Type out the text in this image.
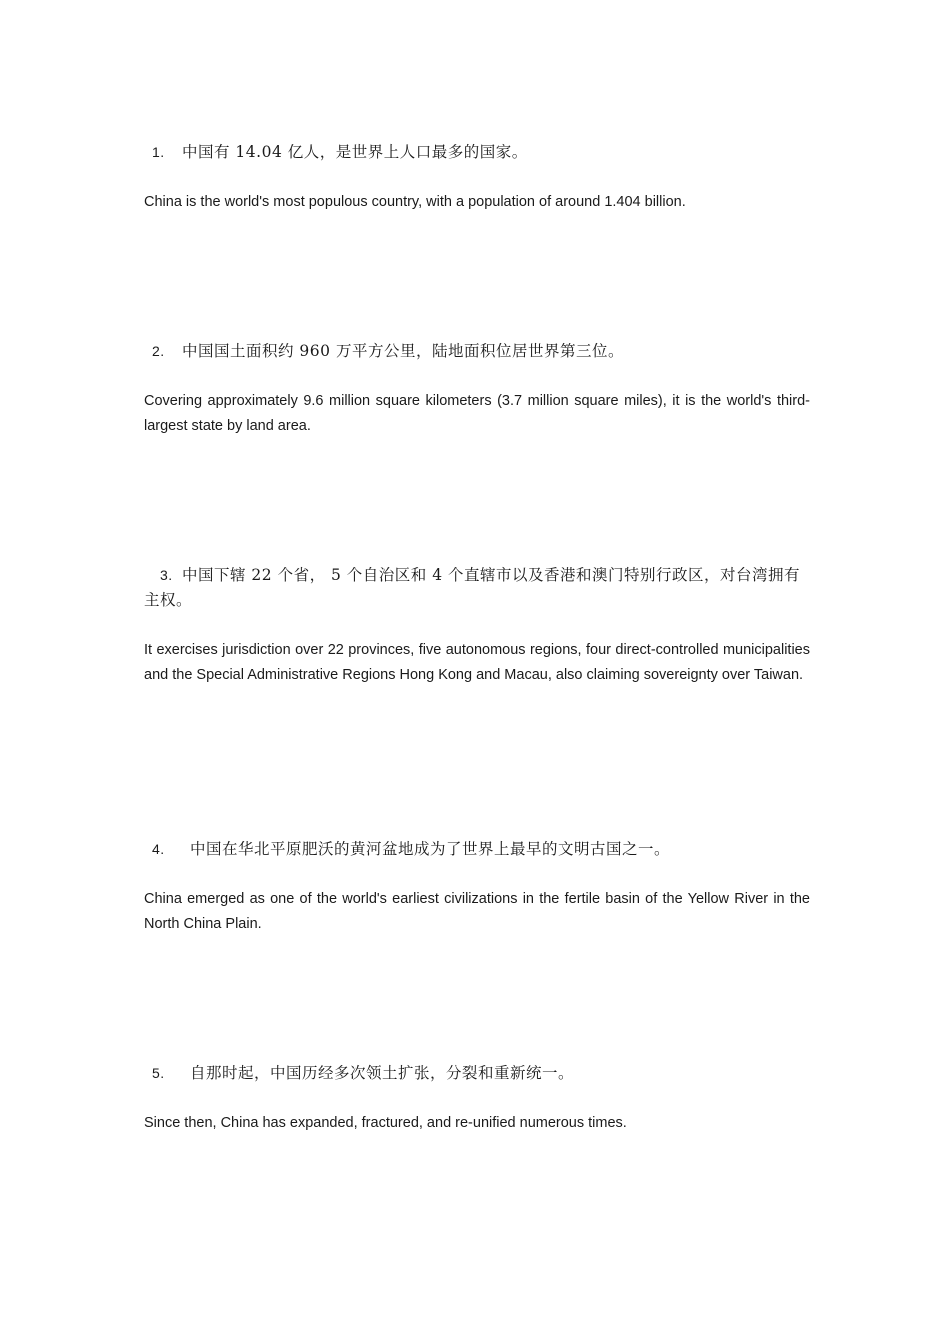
1. 中国有 14.04 亿人，是世界上人口最多的国家。

China is the world's most populous country, with a population of around 1.404 billion.

2. 中国国土面积约 960 万平方公里，陆地面积位居世界第三位。

Covering approximately 9.6 million square kilometers (3.7 million square miles), it is the world's third-largest state by land area.

3. 中国下辖 22 个省， 5 个自治区和 4 个直辖市以及香港和澳门特别行政区，对台湾拥有主权。

It exercises jurisdiction over 22 provinces, five autonomous regions, four direct-controlled municipalities and the Special Administrative Regions Hong Kong and Macau, also claiming sovereignty over Taiwan.

4. 中国在华北平原肥沃的黄河盆地成为了世界上最早的文明古国之一。

China emerged as one of the world's earliest civilizations in the fertile basin of the Yellow River in the North China Plain.

5. 自那时起，中国历经多次领土扩张，分裂和重新统一。

Since then, China has expanded, fractured, and re-unified numerous times.
